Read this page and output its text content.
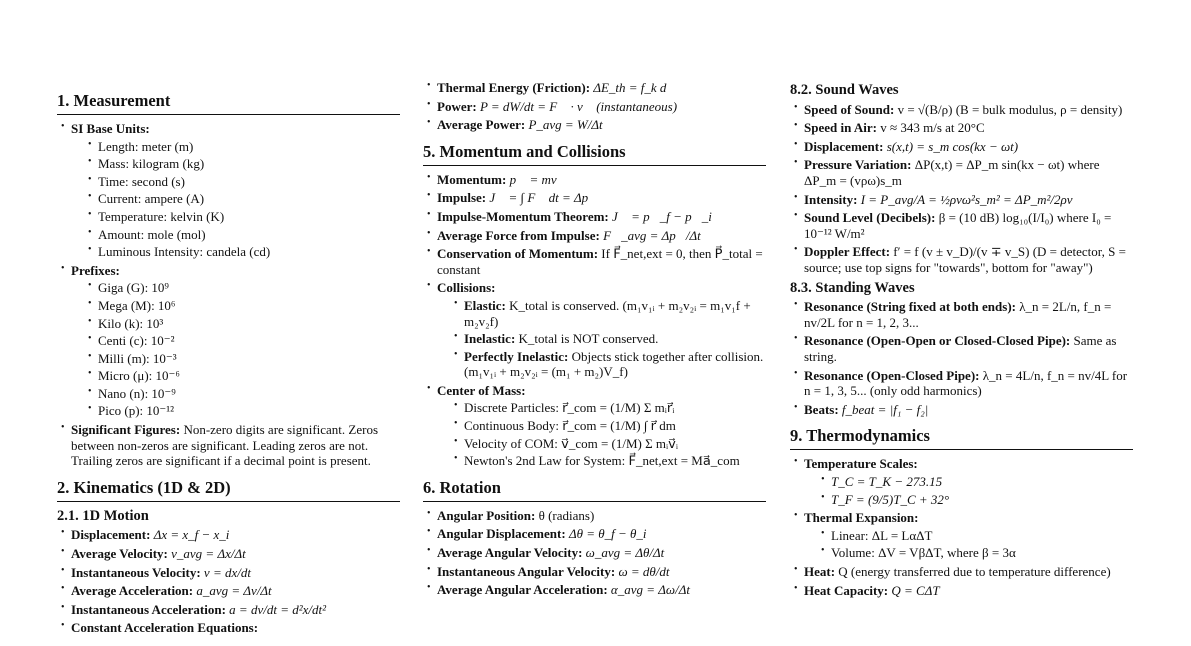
1. Measurement
• SI Base Units:
• Length: meter (m)
• Mass: kilogram (kg)
• Time: second (s)
• Current: ampere (A)
• Temperature: kelvin (K)
• Amount: mole (mol)
• Luminous Intensity: candela (cd)
• Prefixes:
• Giga (G): 10⁹
• Mega (M): 10⁶
• Kilo (k): 10³
• Centi (c): 10⁻²
• Milli (m): 10⁻³
• Micro (μ): 10⁻⁶
• Nano (n): 10⁻⁹
• Pico (p): 10⁻¹²
• Significant Figures: Non-zero digits are significant. Zeros between non-zeros are significant. Leading zeros are not. Trailing zeros are significant if a decimal point is present.
2. Kinematics (1D & 2D)
2.1. 1D Motion
• Displacement: Δx = x_f − x_i
• Average Velocity: v_avg = Δx/Δt
• Instantaneous Velocity: v = dx/dt
• Average Acceleration: a_avg = Δv/Δt
• Instantaneous Acceleration: a = dv/dt = d²x/dt²
• Constant Acceleration Equations:
• Thermal Energy (Friction): ΔE_th = f_k d
• Power: P = dW/dt = F⃗ · v⃗ (instantaneous)
• Average Power: P_avg = W/Δt
5. Momentum and Collisions
• Momentum: p⃗ = mv⃗
• Impulse: J⃗ = ∫ F⃗ dt = Δp⃗
• Impulse-Momentum Theorem: J⃗ = p⃗_f − p⃗_i
• Average Force from Impulse: F⃗_avg = Δp⃗/Δt
• Conservation of Momentum: If F⃗_net,ext = 0, then P⃗_total = constant
• Collisions:
• Elastic: K_total is conserved. (m₁v₁ᵢ + m₂v₂ᵢ = m₁v₁f + m₂v₂f)
• Inelastic: K_total is NOT conserved.
• Perfectly Inelastic: Objects stick together after collision. (m₁v₁ᵢ + m₂v₂ᵢ = (m₁ + m₂)V_f)
• Center of Mass:
• Discrete Particles: r⃗_com = (1/M) Σ mᵢr⃗ᵢ
• Continuous Body: r⃗_com = (1/M) ∫ r⃗ dm
• Velocity of COM: v⃗_com = (1/M) Σ mᵢv⃗ᵢ
• Newton's 2nd Law for System: F⃗_net,ext = Ma⃗_com
6. Rotation
• Angular Position: θ (radians)
• Angular Displacement: Δθ = θ_f − θ_i
• Average Angular Velocity: ω_avg = Δθ/Δt
• Instantaneous Angular Velocity: ω = dθ/dt
• Average Angular Acceleration: α_avg = Δω/Δt
8.2. Sound Waves
• Speed of Sound: v = √(B/ρ) (B = bulk modulus, ρ = density)
• Speed in Air: v ≈ 343 m/s at 20°C
• Displacement: s(x,t) = s_m cos(kx − ωt)
• Pressure Variation: ΔP(x,t) = ΔP_m sin(kx − ωt) where ΔP_m = (vρω)s_m
• Intensity: I = P_avg/A = ½ρvω²s_m² = ΔP_m²/2ρv
• Sound Level (Decibels): β = (10 dB) log₁₀(I/I₀) where I₀ = 10⁻¹² W/m²
• Doppler Effect: f′ = f (v ± v_D)/(v ∓ v_S) (D = detector, S = source; use top signs for "towards", bottom for "away")
8.3. Standing Waves
• Resonance (String fixed at both ends): λ_n = 2L/n, f_n = nv/2L for n = 1, 2, 3...
• Resonance (Open-Open or Closed-Closed Pipe): Same as string.
• Resonance (Open-Closed Pipe): λ_n = 4L/n, f_n = nv/4L for n = 1, 3, 5... (only odd harmonics)
• Beats: f_beat = |f₁ − f₂|
9. Thermodynamics
• Temperature Scales:
• T_C = T_K − 273.15
• T_F = (9/5)T_C + 32°
• Thermal Expansion:
• Linear: ΔL = LαΔT
• Volume: ΔV = VβΔT, where β = 3α
• Heat: Q (energy transferred due to temperature difference)
• Heat Capacity: Q = CΔT
